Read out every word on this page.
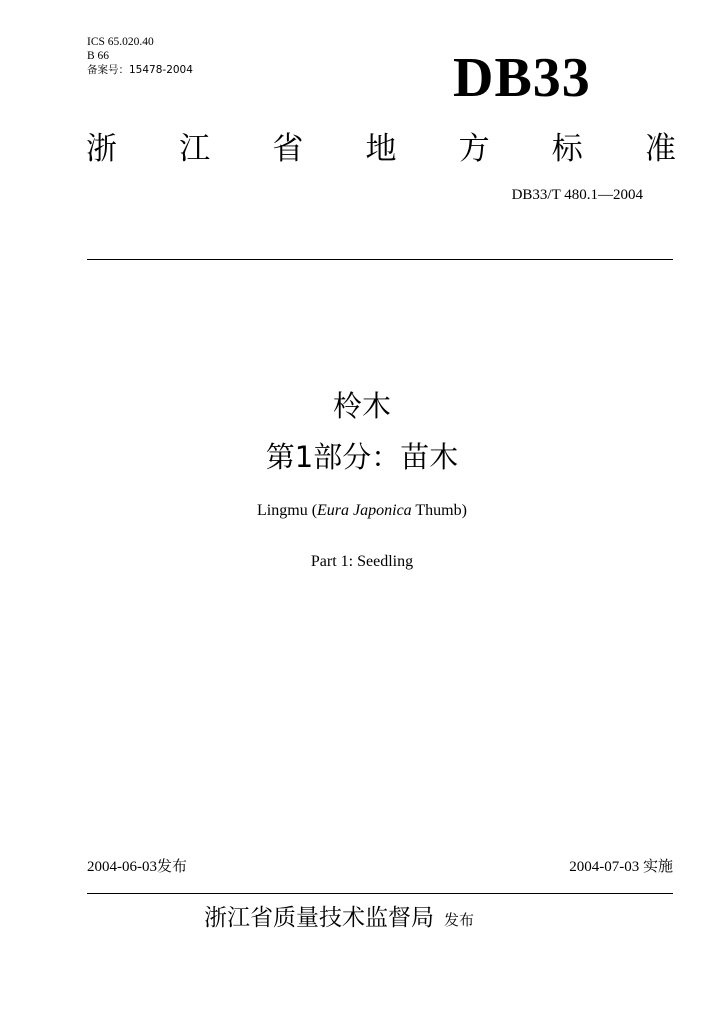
ICS 65.020.40
B 66
备案号：15478-2004	DB33
浙 江 省 地 方 标 准
DB33/T 480.1—2004
柃木
第1部分：苗木
Lingmu (Eura Japonica Thumb)
Part 1: Seedling
2004-06-03发布	2004-07-03 实施
浙江省质量技术监督局 发布
